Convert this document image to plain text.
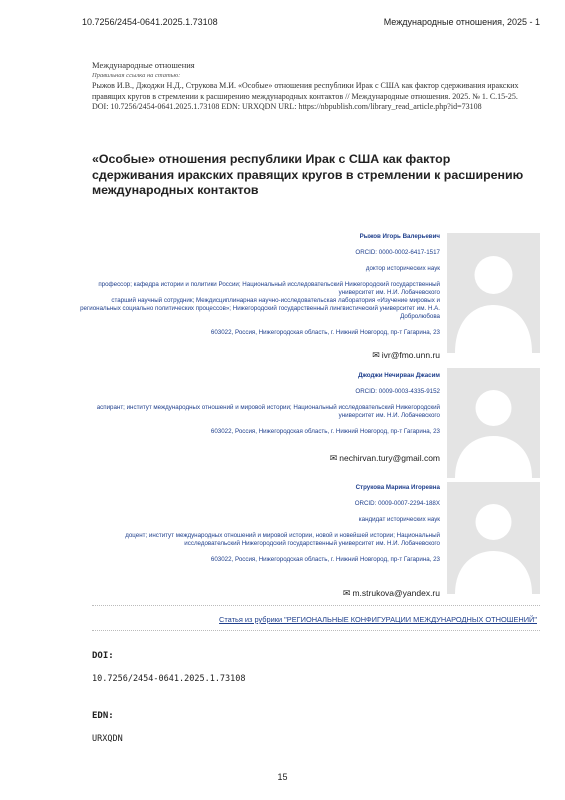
10.7256/2454-0641.2025.1.73108	Международные отношения, 2025 - 1
Международные отношения
Правильная ссылка на статью:
Рыжов И.В., Джоджи Н.Д., Струкова М.И. «Особые» отношения республики Ирак с США как фактор сдерживания иракских правящих кругов в стремлении к расширению международных контактов // Международные отношения. 2025. № 1. С.15-25. DOI: 10.7256/2454-0641.2025.1.73108 EDN: URXQDN URL: https://nbpublish.com/library_read_article.php?id=73108
«Особые» отношения республики Ирак с США как фактор сдерживания иракских правящих кругов в стремлении к расширению международных контактов
Рыжов Игорь Валерьевич
ORCID: 0000-0002-6417-1517
доктор исторических наук
профессор; кафедра истории и политики России; Национальный исследовательский Нижегородский государственный университет им. Н.И. Лобачевского
старший научный сотрудник; Междисциплинарная научно-исследовательская лаборатория «Изучение мировых и региональных социально политических процессов»; Нижегородский государственный лингвистический университет им. Н.А. Добролюбова
603022, Россия, Нижегородская область, г. Нижний Новгород, пр-т Гагарина, 23
✉ ivr@fmo.unn.ru
Джоджи Нечирван Джасим
ORCID: 0009-0003-4335-9152
аспирант; институт международных отношений и мировой истории; Национальный исследовательский Нижегородский университет им. Н.И. Лобачевского
603022, Россия, Нижегородская область, г. Нижний Новгород, пр-т Гагарина, 23
✉ nechirvan.tury@gmail.com
Струкова Марина Игоревна
ORCID: 0009-0007-2294-188X
кандидат исторических наук
доцент; институт международных отношений и мировой истории, новой и новейшей истории; Национальный исследовательский Нижегородский государственный университет им. Н.И. Лобачевского
603022, Россия, Нижегородская область, г. Нижний Новгород, пр-т Гагарина, 23
✉ m.strukova@yandex.ru
Статья из рубрики "РЕГИОНАЛЬНЫЕ КОНФИГУРАЦИИ МЕЖДУНАРОДНЫХ ОТНОШЕНИЙ"
DOI:
10.7256/2454-0641.2025.1.73108
EDN:
URXQDN
15
